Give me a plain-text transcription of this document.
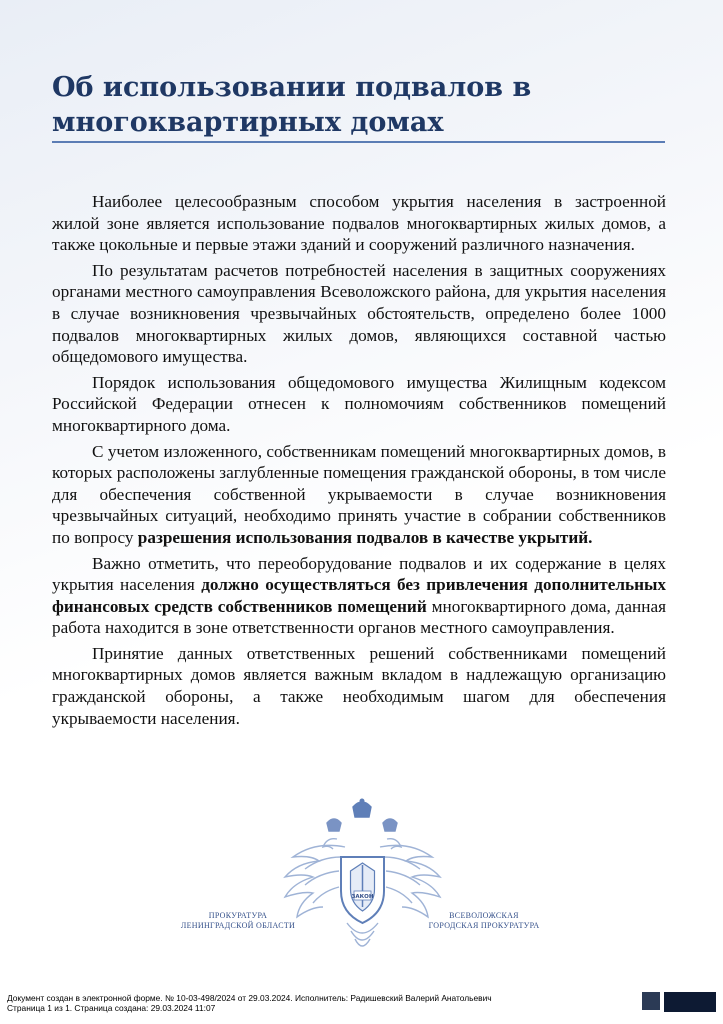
Об использовании подвалов в многоквартирных домах

Наиболее целесообразным способом укрытия населения в застроенной жилой зоне является использование подвалов многоквартирных жилых домов, а также цокольные и первые этажи зданий и сооружений различного назначения.

По результатам расчетов потребностей населения в защитных сооружениях органами местного самоуправления Всеволожского района, для укрытия населения в случае возникновения чрезвычайных обстоятельств, определено более 1000 подвалов многоквартирных жилых домов, являющихся составной частью общедомового имущества.

Порядок использования общедомового имущества Жилищным кодексом Российской Федерации отнесен к полномочиям собственников помещений многоквартирного дома.

С учетом изложенного, собственникам помещений многоквартирных домов, в которых расположены заглубленные помещения гражданской обороны, в том числе для обеспечения собственной укрываемости в случае возникновения чрезвычайных ситуаций, необходимо принять участие в собрании собственников по вопросу разрешения использования подвалов в качестве укрытий.

Важно отметить, что переоборудование подвалов и их содержание в целях укрытия населения должно осуществляться без привлечения дополнительных финансовых средств собственников помещений многоквартирного дома, данная работа находится в зоне ответственности органов местного самоуправления.

Принятие данных ответственных решений собственниками помещений многоквартирных домов является важным вкладом в надлежащую организацию гражданской обороны, а также необходимым шагом для обеспечения укрываемости населения.

ЗАКОН
ПРОКУРАТУРА
ЛЕНИНГРАДСКОЙ ОБЛАСТИ
ВСЕВОЛОЖСКАЯ
ГОРОДСКАЯ ПРОКУРАТУРА
Документ создан в электронной форме. № 10-03-498/2024 от 29.03.2024. Исполнитель: Радишевский Валерий Анатольевич
Страница 1 из 1. Страница создана: 29.03.2024 11:07
